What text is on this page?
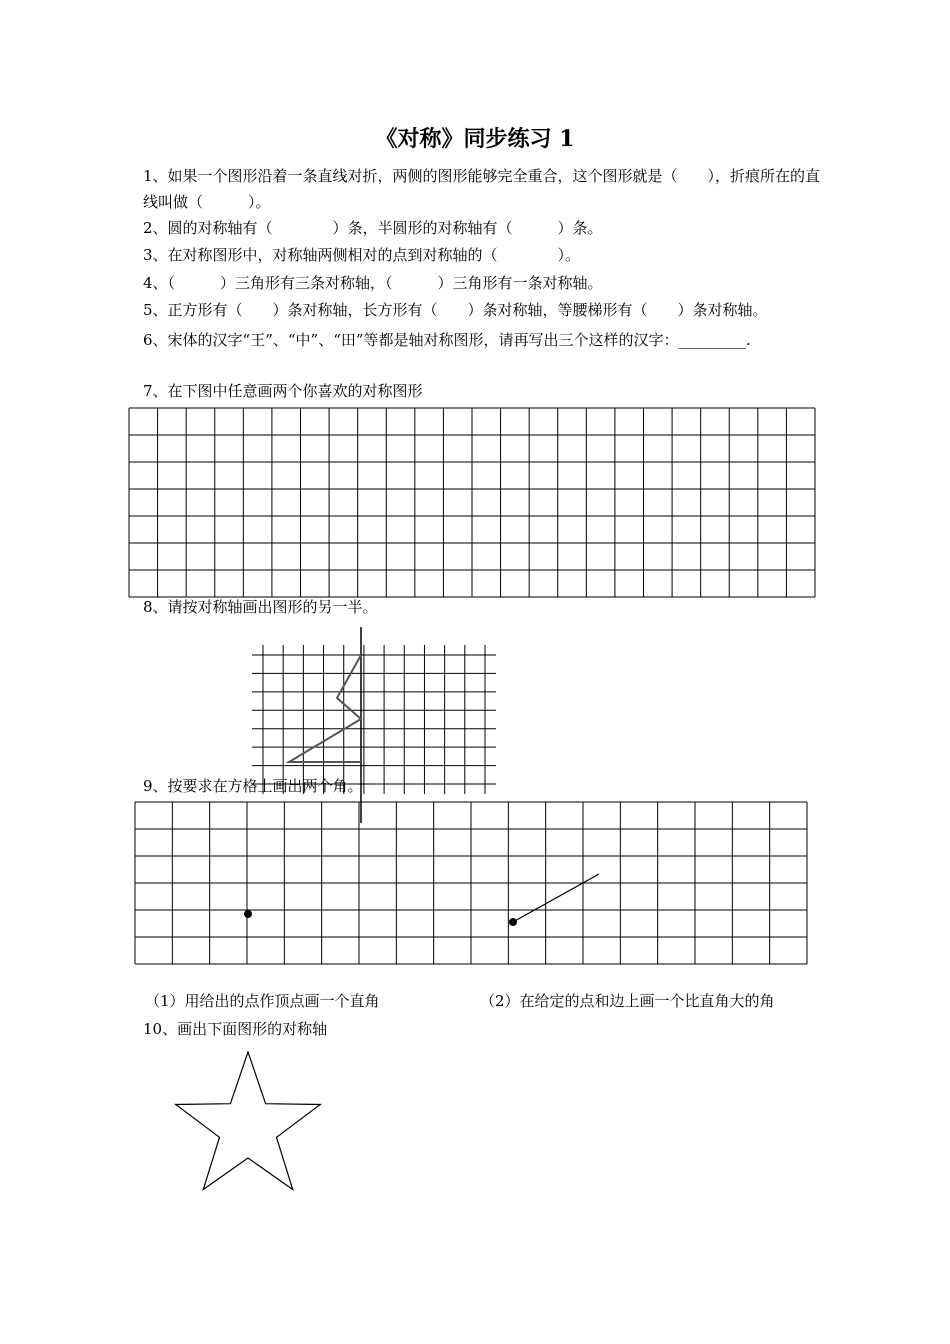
《对称》同步练习 1
1、如果一个图形沿着一条直线对折，两侧的图形能够完全重合，这个图形就是（　　），折痕所在的直线叫做（　　　）。
2、圆的对称轴有（　　　　）条，半圆形的对称轴有（　　　）条。
3、在对称图形中，对称轴两侧相对的点到对称轴的（　　　　）。
4、（　　　）三角形有三条对称轴，（　　　）三角形有一条对称轴。
5、正方形有（　　）条对称轴，长方形有（　　）条对称轴，等腰梯形有（　　）条对称轴。
6、宋体的汉字“王”、“中”、“田”等都是轴对称图形，请再写出三个这样的汉字：_________.
7、在下图中任意画两个你喜欢的对称图形
8、请按对称轴画出图形的另一半。
9、按要求在方格上画出两个角。
（1）用给出的点作顶点画一个直角	（2）在给定的点和边上画一个比直角大的角
10、画出下面图形的对称轴
